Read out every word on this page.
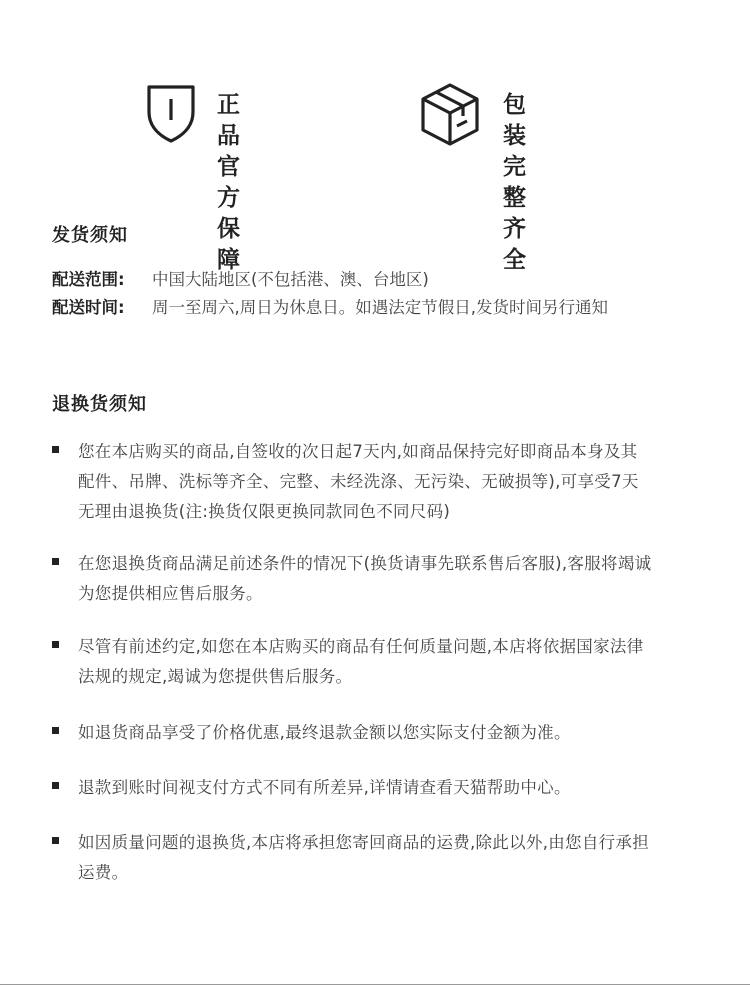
正品
官方保障
包装
完整齐全
发货须知
配送范围: 中国大陆地区(不包括港、澳、台地区)
配送时间: 周一至周六,周日为休息日。如遇法定节假日,发货时间另行通知
退换货须知
您在本店购买的商品,自签收的次日起7天内,如商品保持完好即商品本身及其配件、吊牌、洗标等齐全、完整、未经洗涤、无污染、无破损等),可享受7天无理由退换货(注:换货仅限更换同款同色不同尺码)
在您退换货商品满足前述条件的情况下(换货请事先联系售后客服),客服将竭诚为您提供相应售后服务。
尽管有前述约定,如您在本店购买的商品有任何质量问题,本店将依据国家法律法规的规定,竭诚为您提供售后服务。
如退货商品享受了价格优惠,最终退款金额以您实际支付金额为准。
退款到账时间视支付方式不同有所差异,详情请查看天猫帮助中心。
如因质量问题的退换货,本店将承担您寄回商品的运费,除此以外,由您自行承担运费。
